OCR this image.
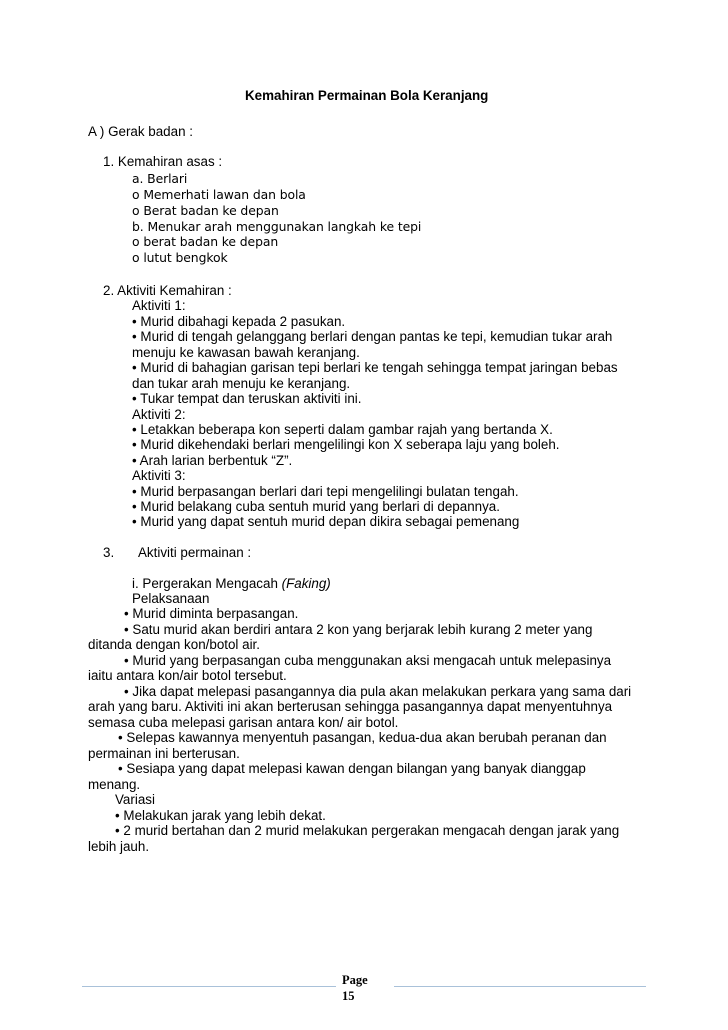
Kemahiran Permainan Bola Keranjang
A ) Gerak badan :
1. Kemahiran asas :
a. Berlari
o Memerhati lawan dan bola
o Berat badan ke depan
b. Menukar arah menggunakan langkah ke tepi
o berat badan ke depan
o lutut bengkok
2. Aktiviti Kemahiran :
Aktiviti 1:
• Murid dibahagi kepada 2 pasukan.
• Murid di tengah gelanggang berlari dengan pantas ke tepi, kemudian tukar arah
menuju ke kawasan bawah keranjang.
• Murid di bahagian garisan tepi berlari ke tengah sehingga tempat jaringan bebas
dan tukar arah menuju ke keranjang.
• Tukar tempat dan teruskan aktiviti ini.
Aktiviti 2:
• Letakkan beberapa kon seperti dalam gambar rajah yang bertanda X.
• Murid dikehendaki berlari mengelilingi kon X seberapa laju yang boleh.
• Arah larian berbentuk “Z”.
Aktiviti 3:
• Murid berpasangan berlari dari tepi mengelilingi bulatan tengah.
• Murid belakang cuba sentuh murid yang berlari di depannya.
• Murid yang dapat sentuh murid depan dikira sebagai pemenang
3. Aktiviti permainan :
i. Pergerakan Mengacah (Faking)
Pelaksanaan
• Murid diminta berpasangan.
• Satu murid akan berdiri antara 2 kon yang berjarak lebih kurang 2 meter yang
ditanda dengan kon/botol air.
• Murid yang berpasangan cuba menggunakan aksi mengacah untuk melepasinya
iaitu antara kon/air botol tersebut.
• Jika dapat melepasi pasangannya dia pula akan melakukan perkara yang sama dari
arah yang baru. Aktiviti ini akan berterusan sehingga pasangannya dapat menyentuhnya
semasa cuba melepasi garisan antara kon/ air botol.
• Selepas kawannya menyentuh pasangan, kedua-dua akan berubah peranan dan
permainan ini berterusan.
• Sesiapa yang dapat melepasi kawan dengan bilangan yang banyak dianggap
menang.
Variasi
• Melakukan jarak yang lebih dekat.
• 2 murid bertahan dan 2 murid melakukan pergerakan mengacah dengan jarak yang
lebih jauh.
Page
15
